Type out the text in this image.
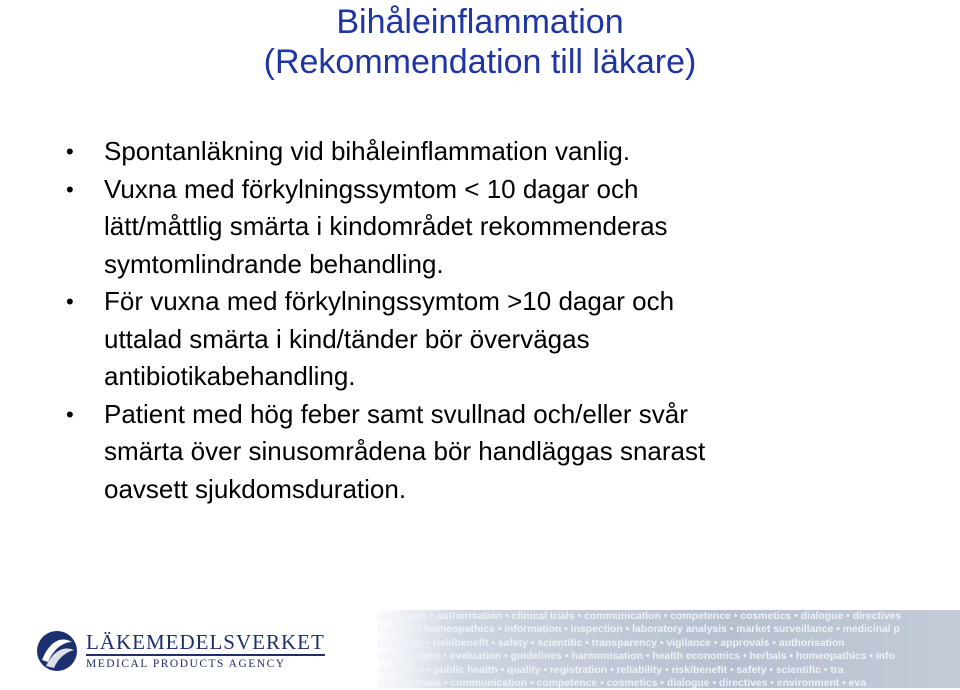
Bihåleinflammation
(Rekommendation till läkare)
• Spontanläkning vid bihåleinflammation vanlig.
• Vuxna med förkylningssymtom < 10 dagar och
lätt/måttlig smärta i kindområdet rekommenderas
symtomlindrande behandling.
• För vuxna med förkylningssymtom >10 dagar och
uttalad smärta i kind/tänder bör övervägas
antibiotikabehandling.
• Patient med hög feber samt svullnad och/eller svår
smärta över sinusområdena bör handläggas snarast
oavsett sjukdomsduration.
LÄKEMEDELSVERKET
MEDICAL PRODUCTS AGENCY
approvals • authorisation • clinical trials • communication • competence • cosmetics • dialogue • directives
herbals • homeopathics • information • inspection • laboratory analysis • market surveillance • medicinal p
reliability • risk/benefit • safety • scientific • transparency • vigilance • approvals • authorisation
environment • evaluation • guidelines • harmonisation • health economics • herbals • homeopathics • info
narcotics • public health • quality • registration • reliability • risk/benefit • safety • scientific • tra
clinical trials • communication • competence • cosmetics • dialogue • directives • environment • eva
